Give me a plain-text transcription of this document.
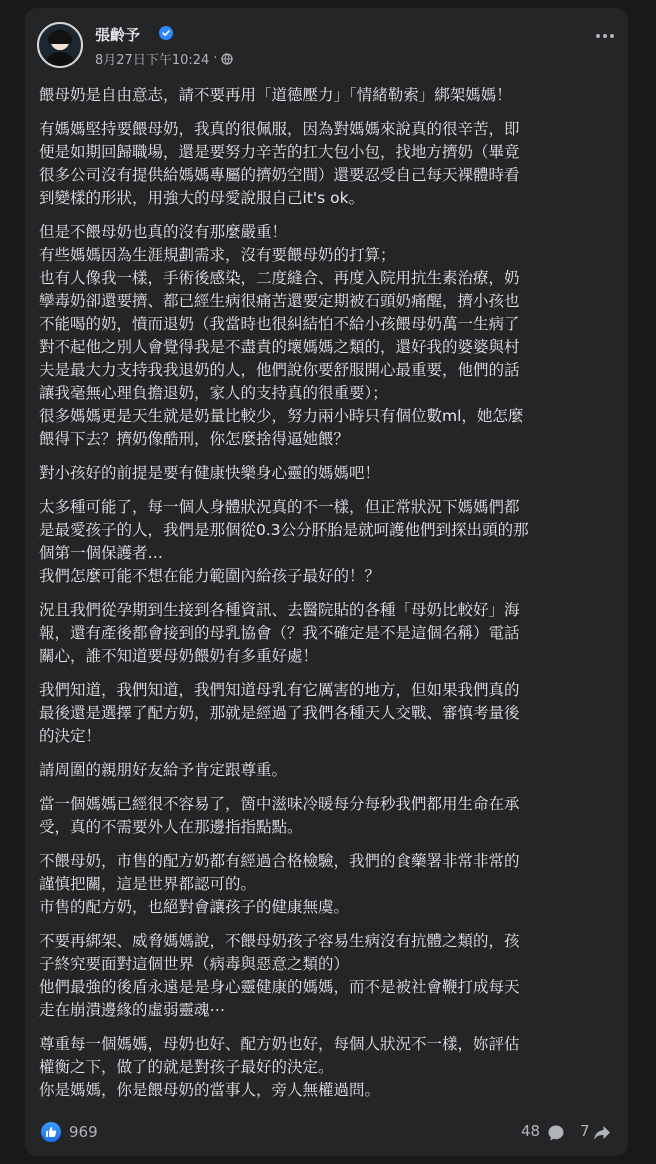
張齡予
8月27日下午10:24 ·

餵母奶是自由意志，請不要再用「道德壓力」「情緒勒索」綁架媽媽！

有媽媽堅持要餵母奶，我真的很佩服，因為對媽媽來說真的很辛苦，即
便是如期回歸職場，還是要努力辛苦的扛大包小包，找地方擠奶（畢竟
很多公司沒有提供給媽媽專屬的擠奶空間）還要忍受自己每天裸體時看
到變樣的形狀，用強大的母愛說服自己it's ok。

但是不餵母奶也真的沒有那麼嚴重！
有些媽媽因為生涯規劃需求，沒有要餵母奶的打算；
也有人像我一樣，手術後感染，二度縫合、再度入院用抗生素治療，奶
孿毒奶卻還要擠、都已經生病很痛苦還要定期被石頭奶痛醒，擠小孩也
不能喝的奶，憤而退奶（我當時也很糾結怕不給小孩餵母奶萬一生病了
對不起他之別人會覺得我是不盡責的壞媽媽之類的，還好我的婆婆與村
夫是最大力支持我我退奶的人，他們說你要舒服開心最重要，他們的話
讓我毫無心理負擔退奶，家人的支持真的很重要）；
很多媽媽更是天生就是奶量比較少，努力兩小時只有個位數ml，她怎麼
餵得下去？擠奶像酷刑，你怎麼捨得逼她餵？

對小孩好的前提是要有健康快樂身心靈的媽媽吧！

太多種可能了，每一個人身體狀況真的不一樣，但正常狀況下媽媽們都
是最愛孩子的人，我們是那個從0.3公分肧胎是就呵護他們到探出頭的那
個第一個保護者…
我們怎麼可能不想在能力範圍內給孩子最好的！？

況且我們從孕期到生接到各種資訊、去醫院貼的各種「母奶比較好」海
報，還有產後都會接到的母乳協會（？我不確定是不是這個名稱）電話
關心，誰不知道要母奶餵奶有多重好處！

我們知道，我們知道，我們知道母乳有它厲害的地方，但如果我們真的
最後還是選擇了配方奶，那就是經過了我們各種天人交戰、審慎考量後
的決定！

請周圍的親朋好友給予肯定跟尊重。

當一個媽媽已經很不容易了，箇中滋味冷暖每分每秒我們都用生命在承
受，真的不需要外人在那邊指指點點。

不餵母奶，市售的配方奶都有經過合格檢驗，我們的食藥署非常非常的
謹慎把關，這是世界都認可的。
市售的配方奶，也絕對會讓孩子的健康無虞。

不要再綁架、威脅媽媽說，不餵母奶孩子容易生病沒有抗體之類的，孩
子終究要面對這個世界（病毒與惡意之類的）
他們最強的後盾永遠是是身心靈健康的媽媽，而不是被社會鞭打成每天
走在崩潰邊緣的虛弱靈魂⋯

尊重每一個媽媽，母奶也好、配方奶也好，每個人狀況不一樣，妳評估
權衡之下，做了的就是對孩子最好的決定。
你是媽媽，你是餵母奶的當事人，旁人無權過問。

969	48	7
